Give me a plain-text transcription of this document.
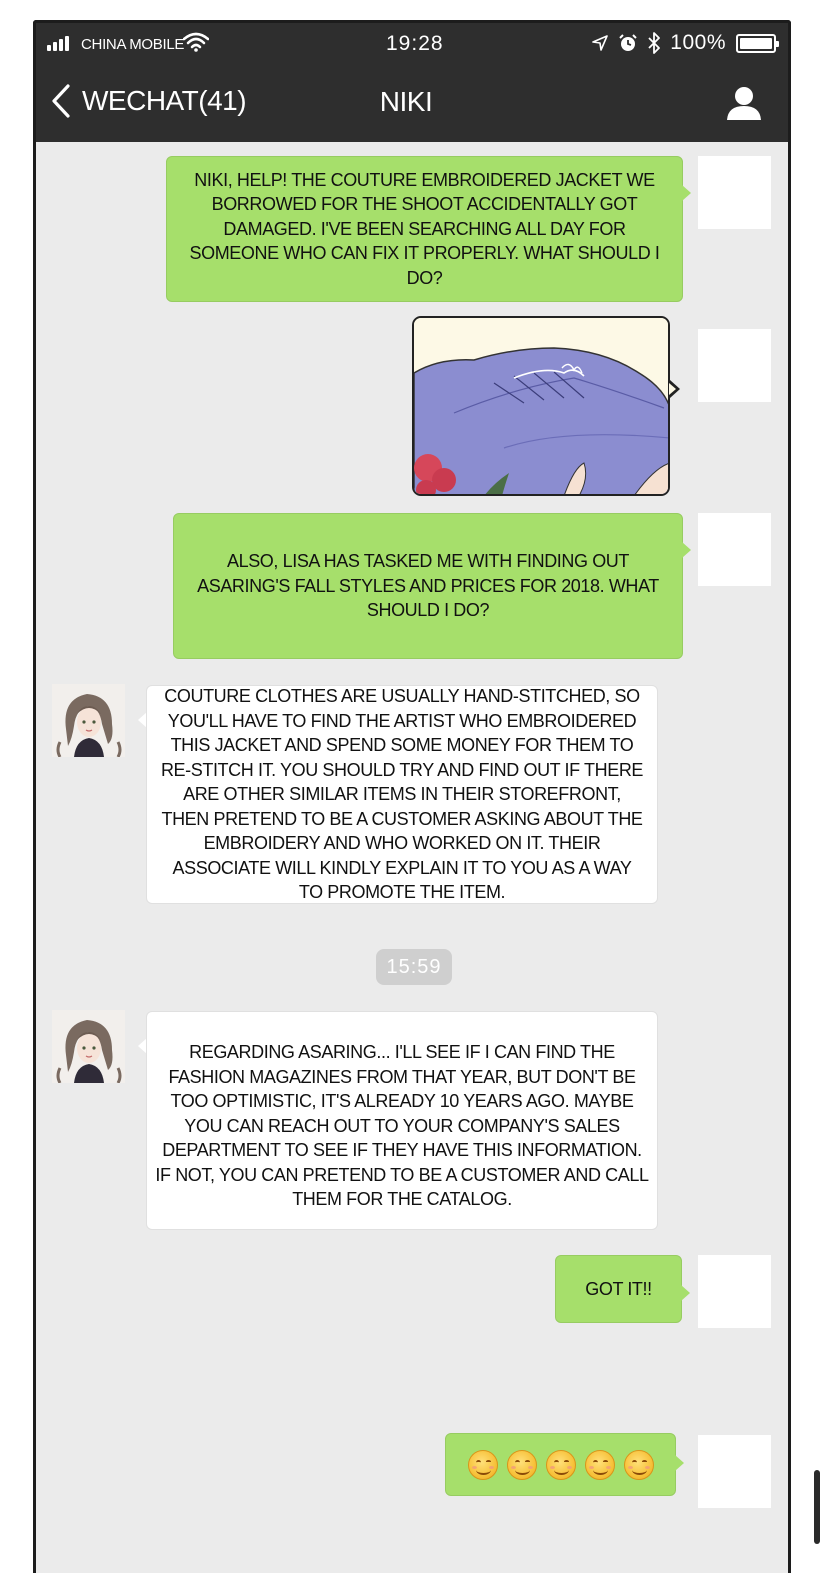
CHINA MOBILE	19:28	100%
WECHAT(41)	NIKI
NIKI, HELP! THE COUTURE EMBROIDERED JACKET WE BORROWED FOR THE SHOOT ACCIDENTALLY GOT DAMAGED. I'VE BEEN SEARCHING ALL DAY FOR SOMEONE WHO CAN FIX IT PROPERLY. WHAT SHOULD I DO?
ALSO, LISA HAS TASKED ME WITH FINDING OUT ASARING'S FALL STYLES AND PRICES FOR 2018. WHAT SHOULD I DO?
COUTURE CLOTHES ARE USUALLY HAND-STITCHED, SO YOU'LL HAVE TO FIND THE ARTIST WHO EMBROIDERED THIS JACKET AND SPEND SOME MONEY FOR THEM TO RE-STITCH IT. YOU SHOULD TRY AND FIND OUT IF THERE ARE OTHER SIMILAR ITEMS IN THEIR STOREFRONT, THEN PRETEND TO BE A CUSTOMER ASKING ABOUT THE EMBROIDERY AND WHO WORKED ON IT. THEIR ASSOCIATE WILL KINDLY EXPLAIN IT TO YOU AS A WAY TO PROMOTE THE ITEM.
15:59
REGARDING ASARING... I'LL SEE IF I CAN FIND THE FASHION MAGAZINES FROM THAT YEAR, BUT DON'T BE TOO OPTIMISTIC, IT'S ALREADY 10 YEARS AGO. MAYBE YOU CAN REACH OUT TO YOUR COMPANY'S SALES DEPARTMENT TO SEE IF THEY HAVE THIS INFORMATION. IF NOT, YOU CAN PRETEND TO BE A CUSTOMER AND CALL THEM FOR THE CATALOG.
GOT IT!!
